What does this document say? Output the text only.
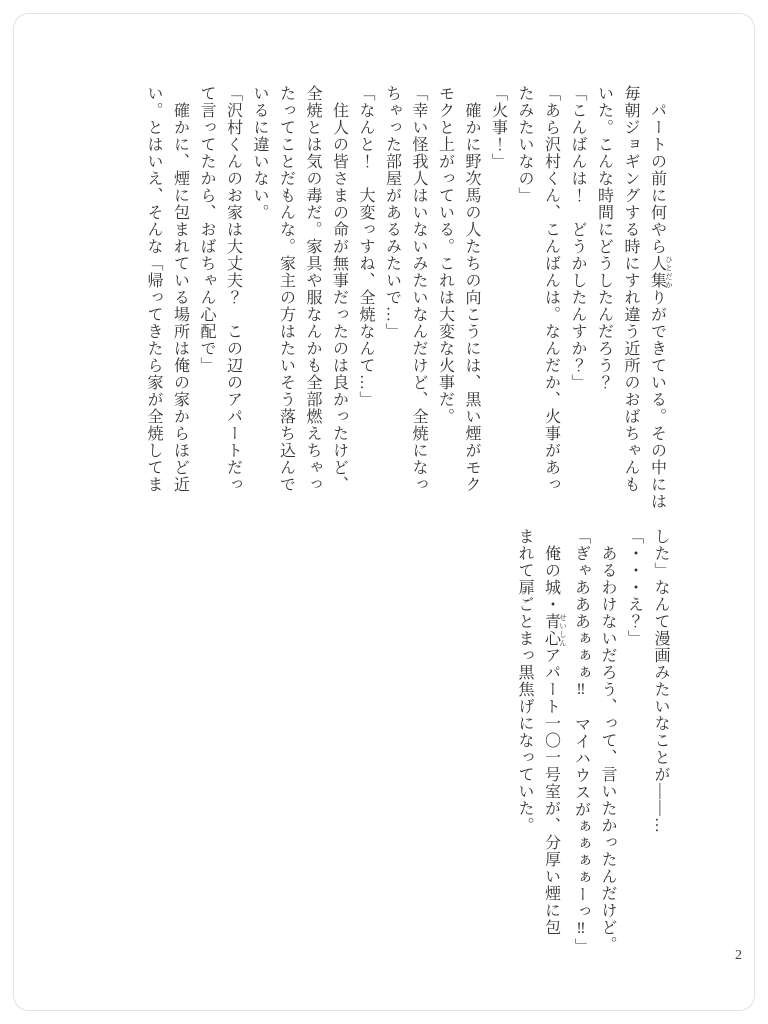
　パートの前に何やら人集 ひとだかりができている。その中には

毎朝ジョギングする時にすれ違う近所のおばちゃんも

いた。こんな時間にどうしたんだろう？

「こんばんは！　どうかしたんすか？」

「あら沢村くん、こんばんは。なんだか、火事があっ

たみたいなの」

「火事！」

　確かに野次馬の人たちの向こうには、黒い煙がモク

モクと上がっている。これは大変な火事だ。

「幸い怪我人はいないみたいなんだけど、全焼になっ

ちゃった部屋があるみたいで…」

「なんと！　大変っすね、全焼なんて…」

　住人の皆さまの命が無事だったのは良かったけど、

全焼とは気の毒だ。家具や服なんかも全部燃えちゃっ

たってことだもんな。家主の方はたいそう落ち込んで

いるに違いない。

「沢村くんのお家は大丈夫？　この辺のアパートだっ

て言ってたから、おばちゃん心配で」

　確かに、煙に包まれている場所は俺の家からほど近

い。とはいえ、そんな「帰ってきたら家が全焼してま

した」なんて漫画みたいなことが――…

「・・・え？」

　あるわけないだろう、って、言いたかったんだけど。

「ぎゃあああぁぁぁ‼　マイハウスがぁぁぁぁーっ‼」

　俺の城・青心 せいしんアパート一〇一号室が、分厚い煙に包

まれて扉ごとまっ黒焦げになっていた。

2
